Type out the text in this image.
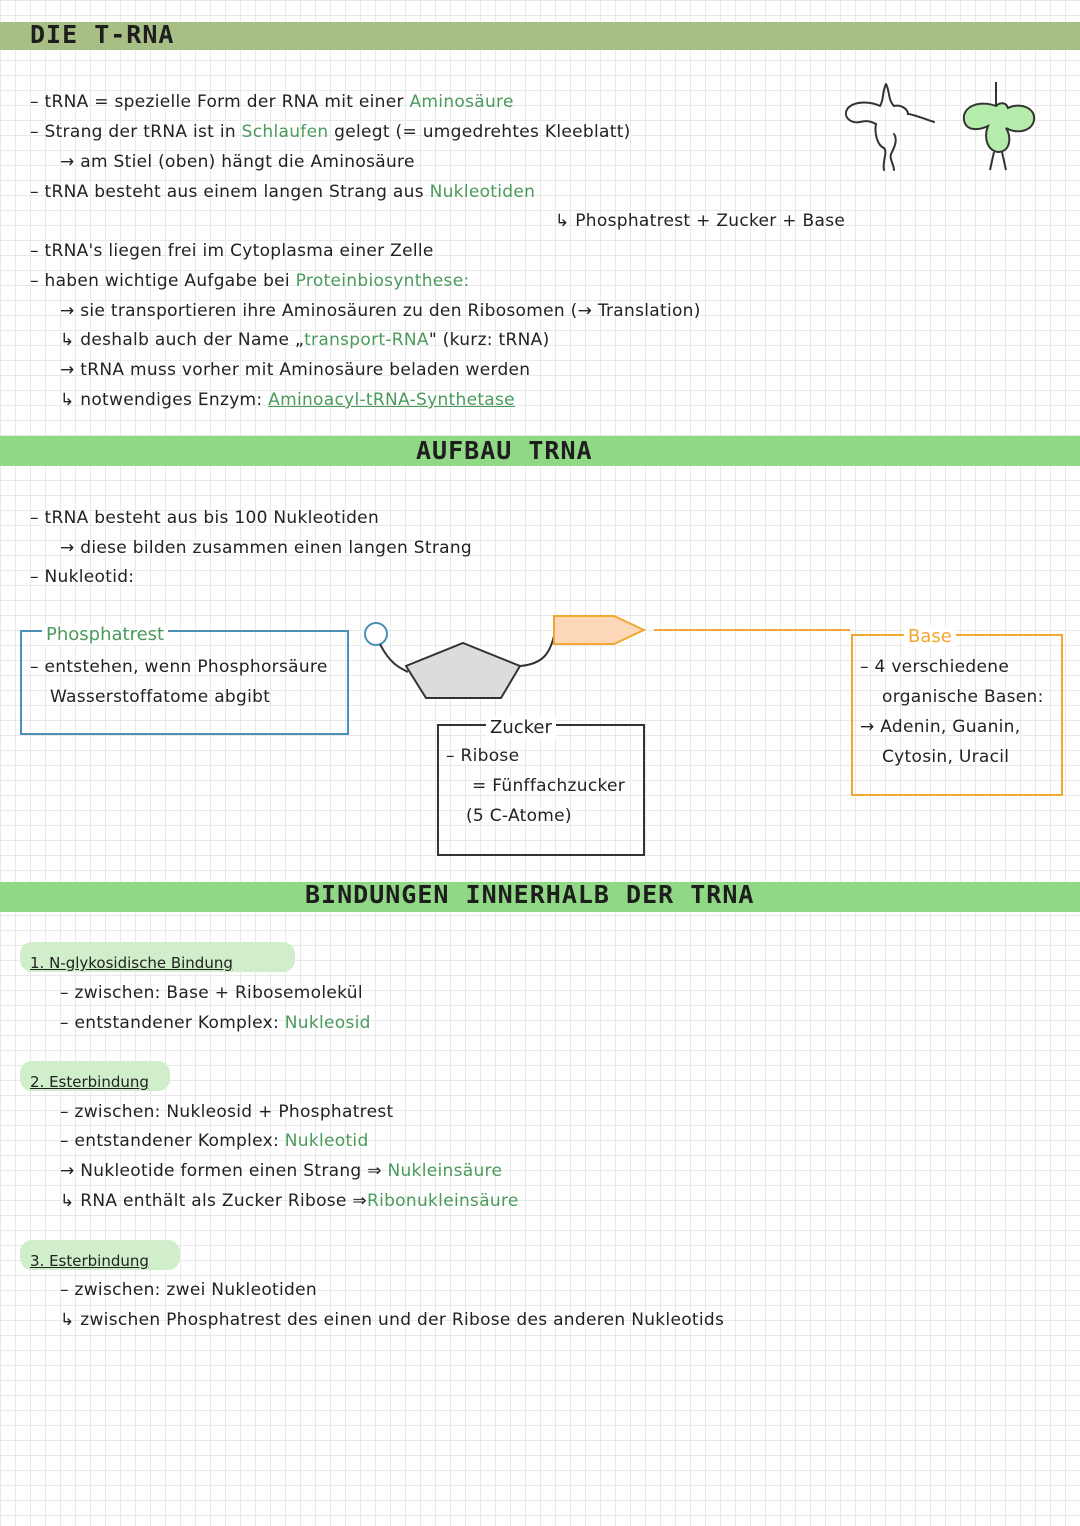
DIE T-RNA
– tRNA = spezielle Form der RNA mit einer Aminosäure
– Strang der tRNA ist in Schlaufen gelegt (= umgedrehtes Kleeblatt)
→ am Stiel (oben) hängt die Aminosäure
– tRNA besteht aus einem langen Strang aus Nukleotiden
↳ Phosphatrest + Zucker + Base
– tRNA's liegen frei im Cytoplasma einer Zelle
– haben wichtige Aufgabe bei Proteinbiosynthese:
→ sie transportieren ihre Aminosäuren zu den Ribosomen (→ Translation)
↳ deshalb auch der Name „transport-RNA" (kurz: tRNA)
→ tRNA muss vorher mit Aminosäure beladen werden
↳ notwendiges Enzym: Aminoacyl-tRNA-Synthetase
AUFBAU TRNA
– tRNA besteht aus bis 100 Nukleotiden
→ diese bilden zusammen einen langen Strang
– Nukleotid:
Phosphatrest
– entstehen, wenn Phosphorsäure
Wasserstoffatome abgibt
Zucker
– Ribose
= Fünffachzucker
(5 C-Atome)
Base
– 4 verschiedene
organische Basen:
→ Adenin, Guanin,
Cytosin, Uracil
BINDUNGEN INNERHALB DER TRNA
1. N-glykosidische Bindung
– zwischen: Base + Ribosemolekül
– entstandener Komplex: Nukleosid
2. Esterbindung
– zwischen: Nukleosid + Phosphatrest
– entstandener Komplex: Nukleotid
→ Nukleotide formen einen Strang ⇒ Nukleinsäure
↳ RNA enthält als Zucker Ribose ⇒Ribonukleinsäure
3. Esterbindung
– zwischen: zwei Nukleotiden
↳ zwischen Phosphatrest des einen und der Ribose des anderen Nukleotids
